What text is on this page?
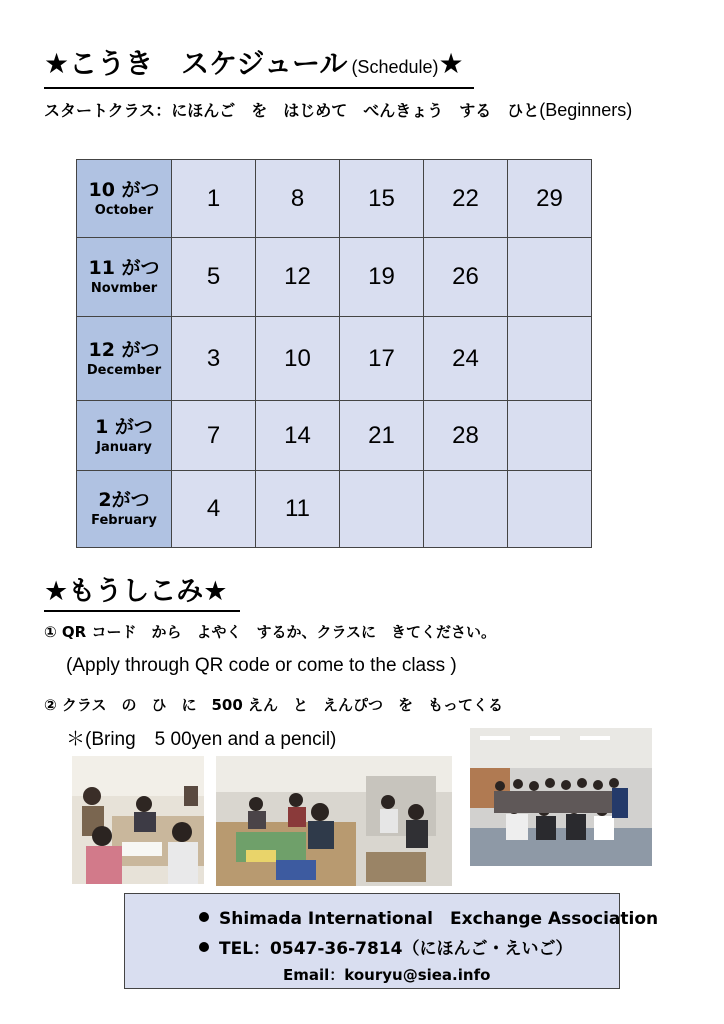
★こうき　スケジュール (Schedule)★
スタートクラス：にほんご　を　はじめて　べんきょう　する　ひと(Beginners)
10 がつ
October	1	8	15	22	29

11 がつ
Novmber	5	12	19	26	

12 がつ
December	3	10	17	24	

1 がつ
January	7	14	21	28	

2がつ
February	4	11			
★もうしこみ★
① QR コード　から　よやく　するか、クラスに　きてください。
(Apply through QR code or come to the class )
② クラス　の　ひ　に　500 えん　と　えんぴつ　を　もってくる
＊(Bring　5 00yen and a pencil)
Shimada International　Exchange Association
TEL：0547-36-7814（にほんご・えいご）
Email：kouryu@siea.info
